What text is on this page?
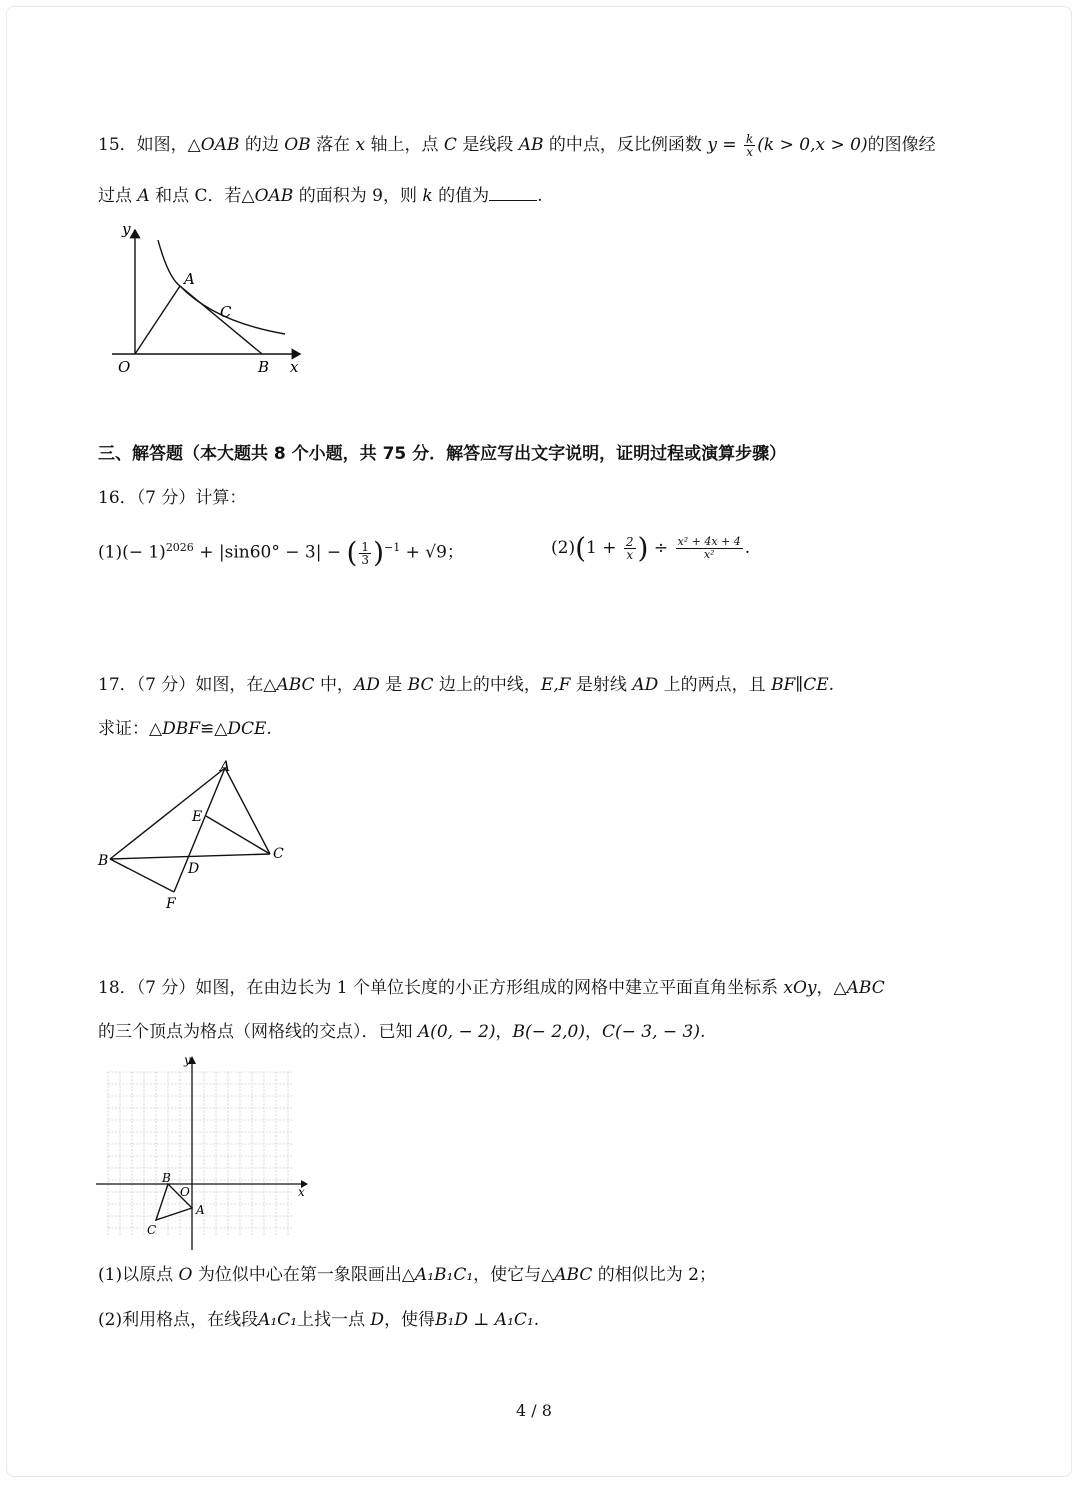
15．如图，△OAB 的边 OB 落在 x 轴上，点 C 是线段 AB 的中点，反比例函数 $y = \frac{k}{x} (k > 0,x > 0)$的图像经
过点 A 和点 C．若△OAB 的面积为 9，则 k 的值为	.
y
x
O
A
B
C
三、解答题（本大题共 8 个小题，共 75 分．解答应写出文字说明，证明过程或演算步骤）
16．（7 分）计算：
$(1)(- 1)^{2026} + |\sin 60^\circ - 3|$ − ( $\frac{1}{3} )^{-1} + √9$；	$(2)(1 + \frac{2}{x}$ ) ÷ $\frac{\text{x² + 4x + 4}}{\text{x²}}$ .
17．（7 分）如图，在△ABC 中，AD 是 BC 边上的中线，E,F 是射线 AD 上的两点，且 BF∥CE.
求证：△DBF≌△DCE.
A
B	C
D
E
F
18．（7 分）如图，在由边长为 1 个单位长度的小正方形组成的网格中建立平面直角坐标系 xOy，△ABC
的三个顶点为格点（网格线的交点）．已知 A(0, − 2)，B(− 2,0)，C(− 3, − 3).
y
x
O
A
B
C
(1)以原点 O 为位似中心在第一象限画出△A₁B₁C₁，使它与△ABC 的相似比为 2；
(2)利用格点，在线段A₁C₁上找一点 D，使得B₁D ⊥ A₁C₁.
4 / 8
